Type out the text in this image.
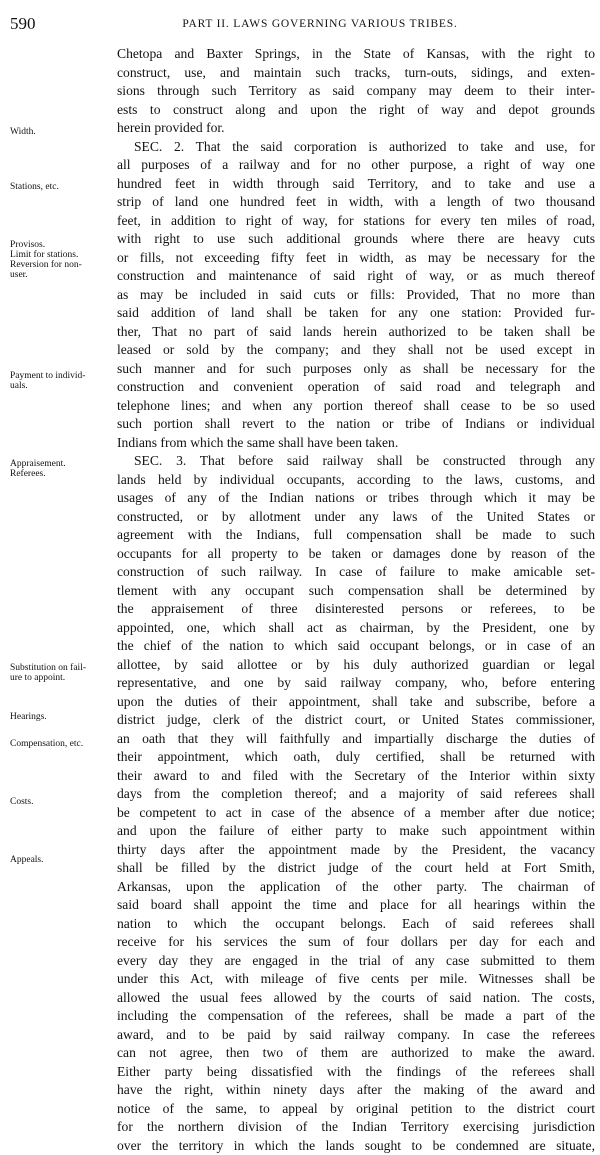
590	PART II. LAWS GOVERNING VARIOUS TRIBES.
Chetopa and Baxter Springs, in the State of Kansas, with the right to
construct, use, and maintain such tracks, turn-outs, sidings, and exten-
sions through such Territory as said company may deem to their inter-
ests to construct along and upon the right of way and depot grounds
herein provided for.
SEC. 2. That the said corporation is authorized to take and use, for
all purposes of a railway and for no other purpose, a right of way one
hundred feet in width through said Territory, and to take and use a
strip of land one hundred feet in width, with a length of two thousand
feet, in addition to right of way, for stations for every ten miles of road,
with right to use such additional grounds where there are heavy cuts
or fills, not exceeding fifty feet in width, as may be necessary for the
construction and maintenance of said right of way, or as much thereof
as may be included in said cuts or fills: Provided, That no more than
said addition of land shall be taken for any one station: Provided fur-
ther, That no part of said lands herein authorized to be taken shall be
leased or sold by the company; and they shall not be used except in
such manner and for such purposes only as shall be necessary for the
construction and convenient operation of said road and telegraph and
telephone lines; and when any portion thereof shall cease to be so used
such portion shall revert to the nation or tribe of Indians or individual
Indians from which the same shall have been taken.
SEC. 3. That before said railway shall be constructed through any
lands held by individual occupants, according to the laws, customs, and
usages of any of the Indian nations or tribes through which it may be
constructed, or by allotment under any laws of the United States or
agreement with the Indians, full compensation shall be made to such
occupants for all property to be taken or damages done by reason of the
construction of such railway. In case of failure to make amicable set-
tlement with any occupant such compensation shall be determined by
the appraisement of three disinterested persons or referees, to be
appointed, one, which shall act as chairman, by the President, one by
the chief of the nation to which said occupant belongs, or in case of an
allottee, by said allottee or by his duly authorized guardian or legal
representative, and one by said railway company, who, before entering
upon the duties of their appointment, shall take and subscribe, before a
district judge, clerk of the district court, or United States commissioner,
an oath that they will faithfully and impartially discharge the duties of
their appointment, which oath, duly certified, shall be returned with
their award to and filed with the Secretary of the Interior within sixty
days from the completion thereof; and a majority of said referees shall
be competent to act in case of the absence of a member after due notice;
and upon the failure of either party to make such appointment within
thirty days after the appointment made by the President, the vacancy
shall be filled by the district judge of the court held at Fort Smith,
Arkansas, upon the application of the other party. The chairman of
said board shall appoint the time and place for all hearings within the
nation to which the occupant belongs. Each of said referees shall
receive for his services the sum of four dollars per day for each and
every day they are engaged in the trial of any case submitted to them
under this Act, with mileage of five cents per mile. Witnesses shall be
allowed the usual fees allowed by the courts of said nation. The costs,
including the compensation of the referees, shall be made a part of the
award, and to be paid by said railway company. In case the referees
can not agree, then two of them are authorized to make the award.
Either party being dissatisfied with the findings of the referees shall
have the right, within ninety days after the making of the award and
notice of the same, to appeal by original petition to the district court
for the northern division of the Indian Territory exercising jurisdiction
over the territory in which the lands sought to be condemned are situate,
Width.
Stations, etc.
Provisos.
Limit for stations.
Reversion for non-
user.
Payment to individ-
uals.
Appraisement.
Referees.
Substitution on fail-
ure to appoint.
Hearings.
Compensation, etc.
Costs.
Appeals.
